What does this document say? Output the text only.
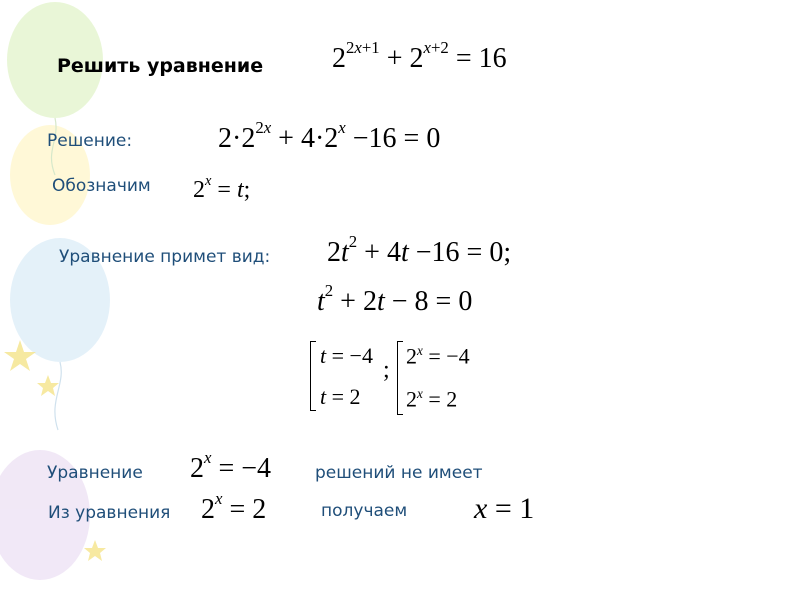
Решить уравнение $2^{2x+1} + 2^{x+2} = 16$
Решение:	$2\cdot 2^{2x} + 4\cdot 2^x -16 = 0$
Обозначим $2^x = t$;
Уравнение примет вид: $2t^2 + 4t -16 = 0$;
$t^2 + 2t - 8 = 0$
t = −4
t = 2
;
$2^x = -4$
$2^x = 2$
Уравнение $2^x = -4$	решений не имеет
Из уравнения $2^x = 2$	получаем x = 1
